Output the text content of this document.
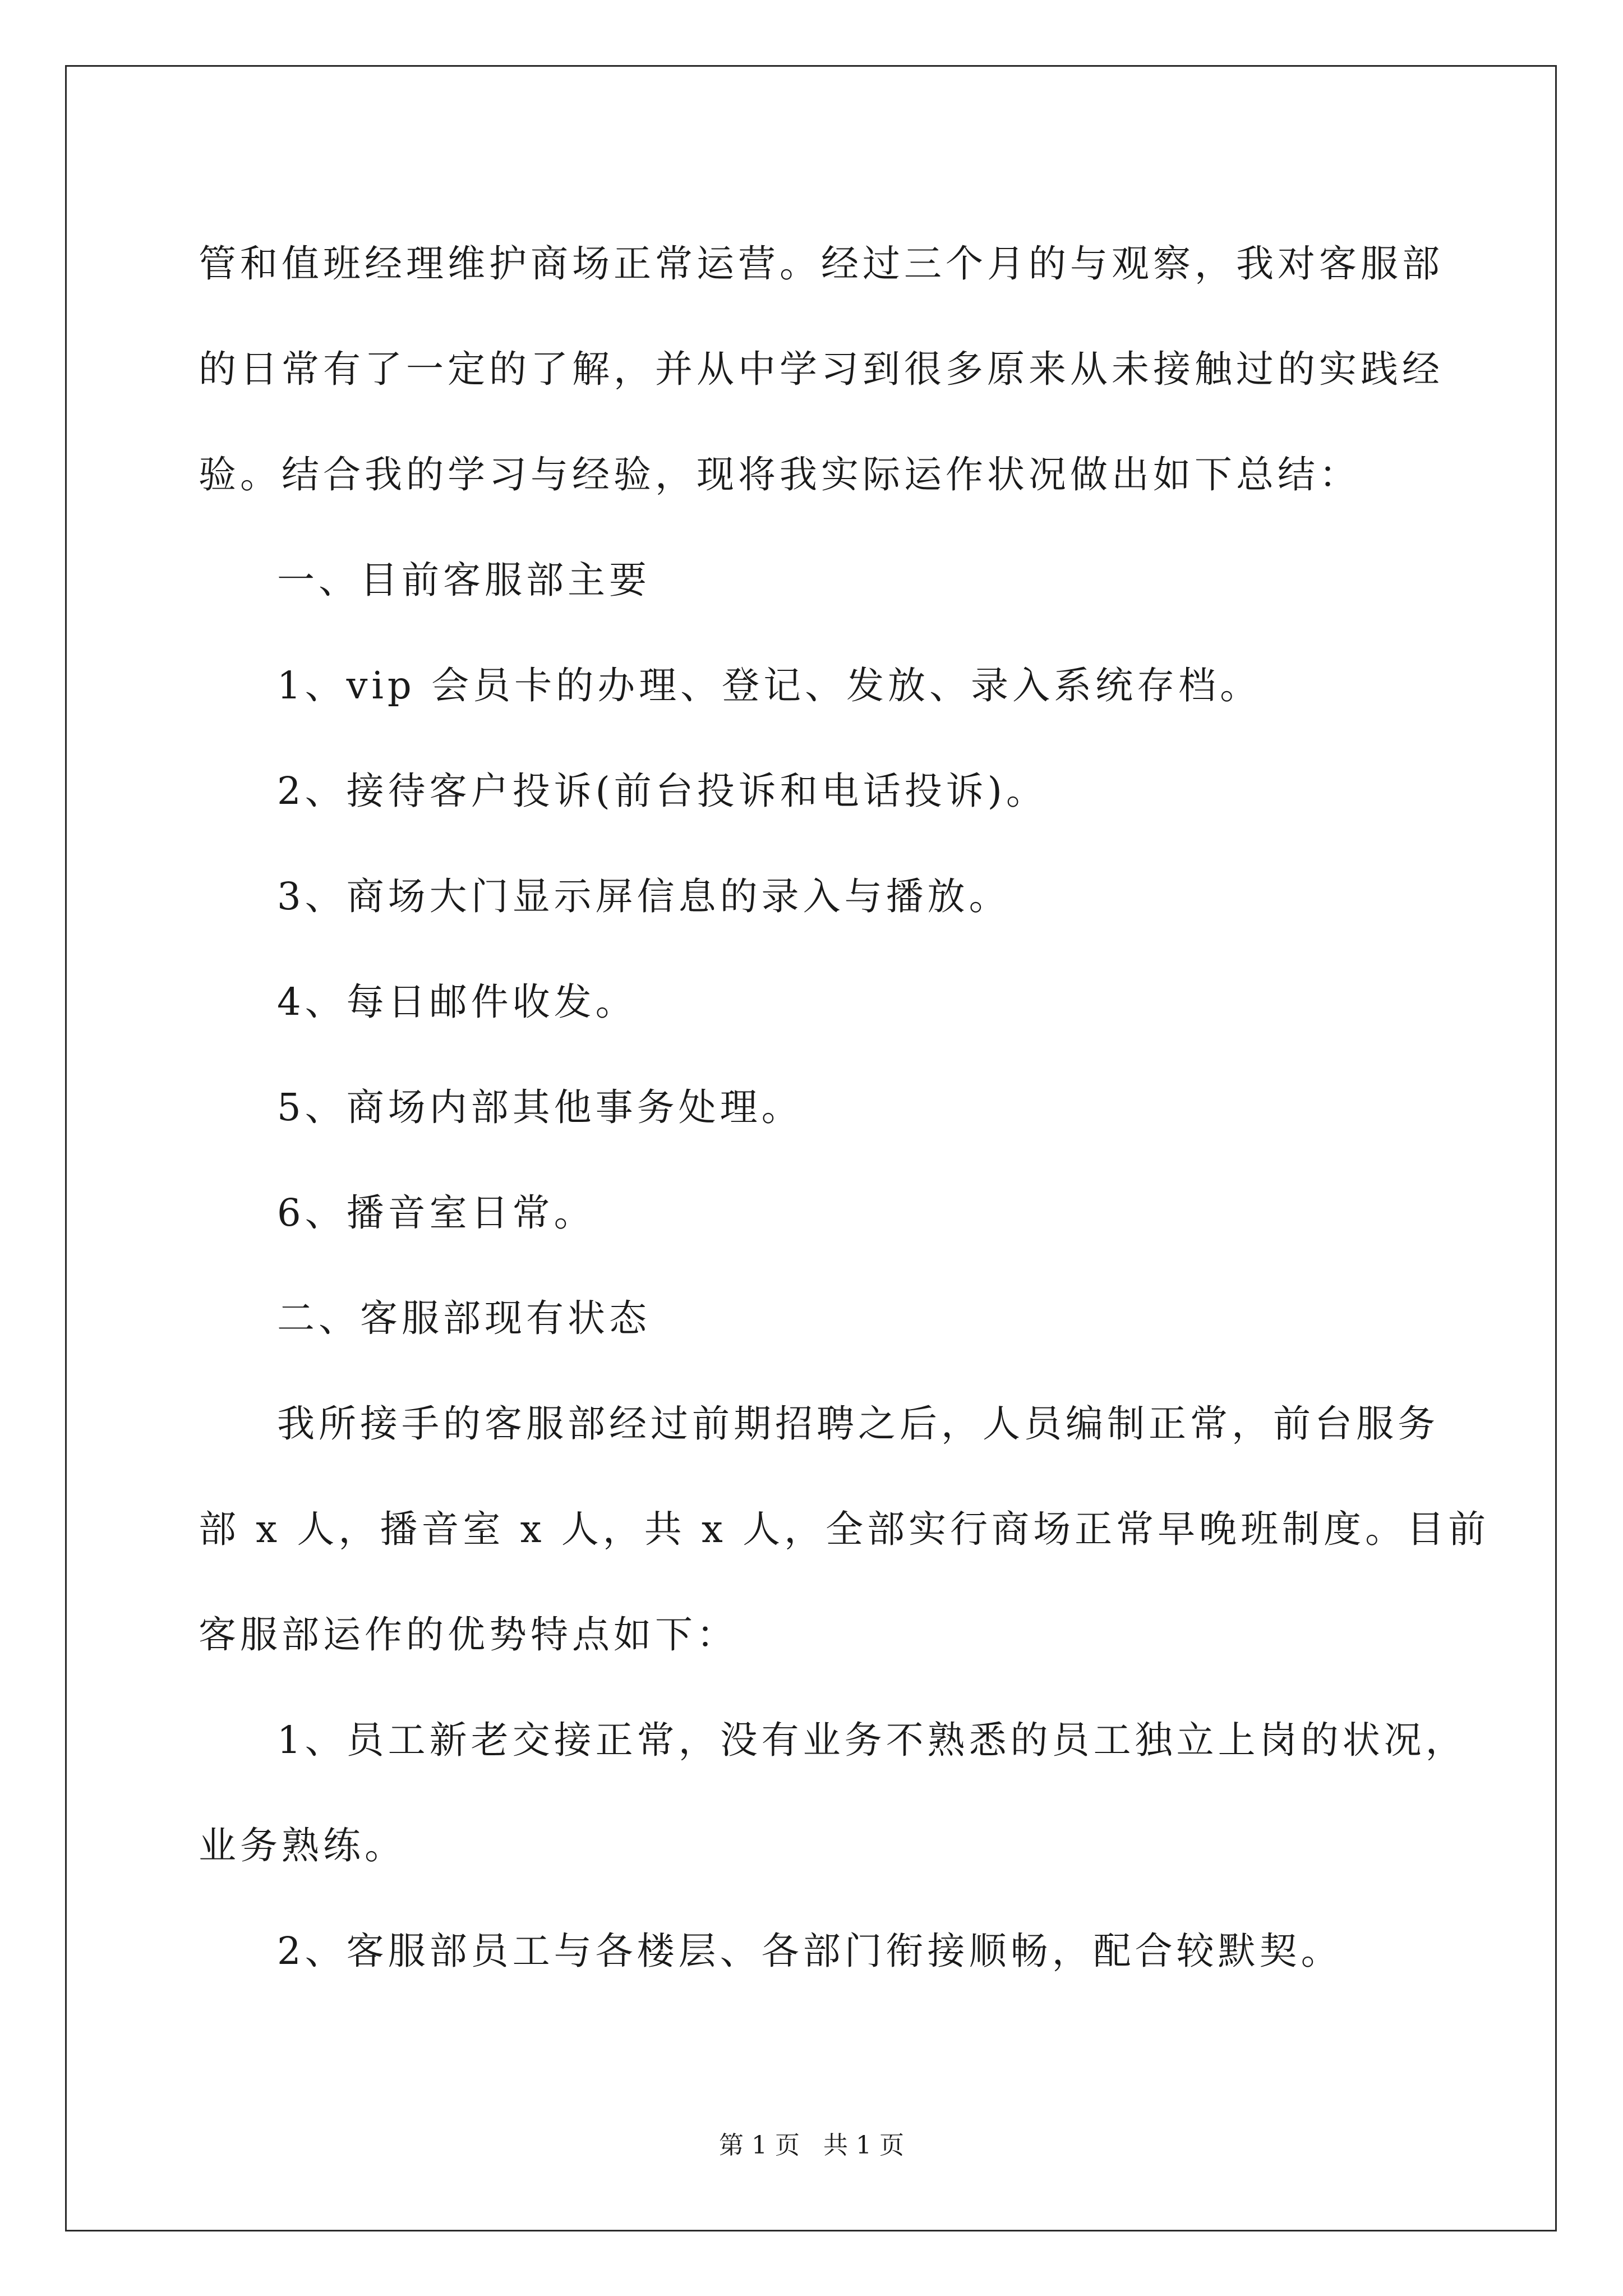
管和值班经理维护商场正常运营。经过三个月的与观察，我对客服部

的日常有了一定的了解，并从中学习到很多原来从未接触过的实践经

验。结合我的学习与经验，现将我实际运作状况做出如下总结：

一、目前客服部主要

1、vip 会员卡的办理、登记、发放、录入系统存档。

2、接待客户投诉(前台投诉和电话投诉)。

3、商场大门显示屏信息的录入与播放。

4、每日邮件收发。

5、商场内部其他事务处理。

6、播音室日常。

二、客服部现有状态

我所接手的客服部经过前期招聘之后，人员编制正常，前台服务

部 x 人，播音室 x 人，共 x 人，全部实行商场正常早晚班制度。目前

客服部运作的优势特点如下：

1、员工新老交接正常，没有业务不熟悉的员工独立上岗的状况，

业务熟练。

2、客服部员工与各楼层、各部门衔接顺畅，配合较默契。

第 1 页   共 1 页
